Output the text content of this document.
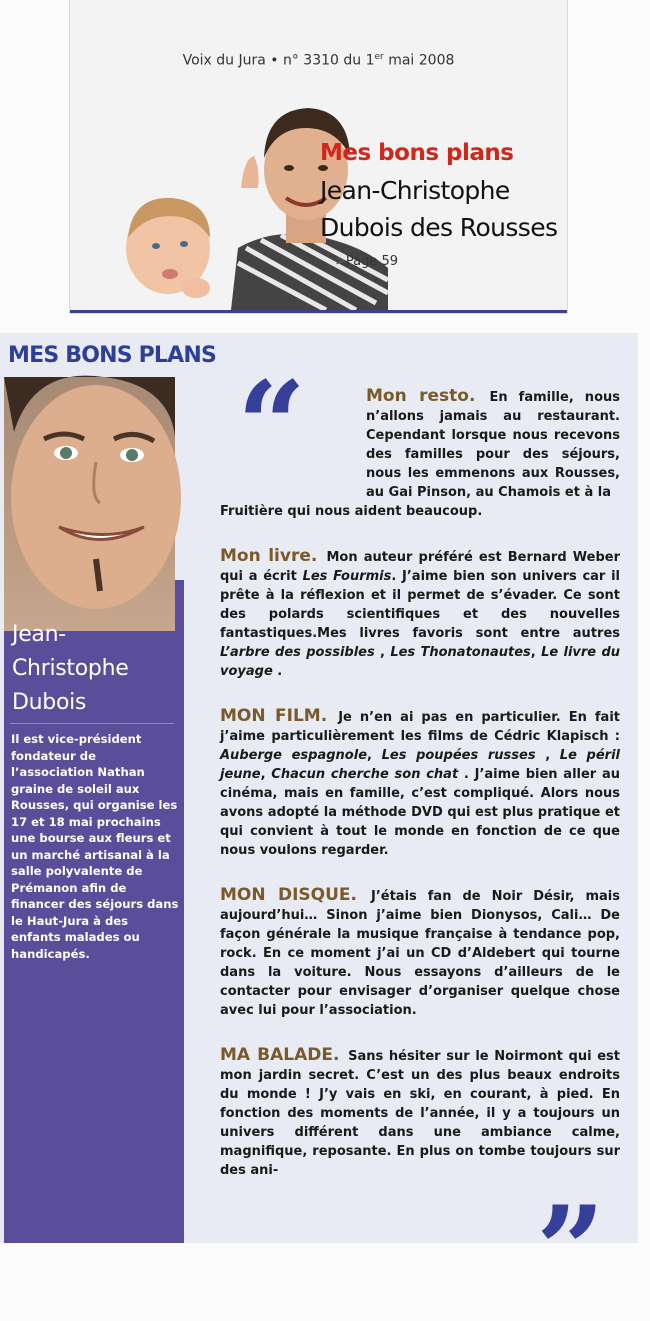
Voix du Jura • n° 3310 du 1er mai 2008
Mes bons plans
Jean-Christophe
Dubois des Rousses
>Page 59
MES BONS PLANS
Jean-
Christophe
Dubois
Il est vice-président fondateur de l’association Nathan graine de soleil aux Rousses, qui organise les 17 et 18 mai prochains une bourse aux fleurs et un marché artisanal à la salle polyvalente de Prémanon afin de financer des séjours dans le Haut-Jura à des enfants malades ou handicapés.
“	Mon resto. En famille, nous n’allons jamais au restaurant. Cependant lorsque nous recevons des familles pour des séjours, nous les emmenons aux Rousses, au Gai Pinson, au Chamois et à la

Fruitière qui nous aident beaucoup.

Mon livre. Mon auteur préféré est Bernard Weber qui a écrit Les Fourmis. J’aime bien son univers car il prête à la réflexion et il permet de s’évader. Ce sont des polards scientifiques et des nouvelles fantastiques.Mes livres favoris sont entre autres L’arbre des possibles , Les Thonatonautes, Le livre du voyage .

MON FILM. Je n’en ai pas en particulier. En fait j’aime particulièrement les films de Cédric Klapisch : Auberge espagnole, Les poupées russes , Le péril jeune, Chacun cherche son chat . J’aime bien aller au cinéma, mais en famille, c’est compliqué. Alors nous avons adopté la méthode DVD qui est plus pratique et qui convient à tout le monde en fonction de ce que nous voulons regarder.

MON DISQUE. J’étais fan de Noir Désir, mais aujourd’hui… Sinon j’aime bien Dionysos, Cali… De façon générale la musique française à tendance pop, rock. En ce moment j’ai un CD d’Aldebert qui tourne dans la voiture. Nous essayons d’ailleurs de le contacter pour envisager d’organiser quelque chose avec lui pour l’association.

MA BALADE. Sans hésiter sur le Noirmont qui est mon jardin secret. C’est un des plus beaux endroits du monde ! J’y vais en ski, en courant, à pied. En fonction des moments de l’année, il y a toujours un univers différent dans une ambiance calme, magnifique, reposante. En plus on tombe toujours sur des ani-

”
